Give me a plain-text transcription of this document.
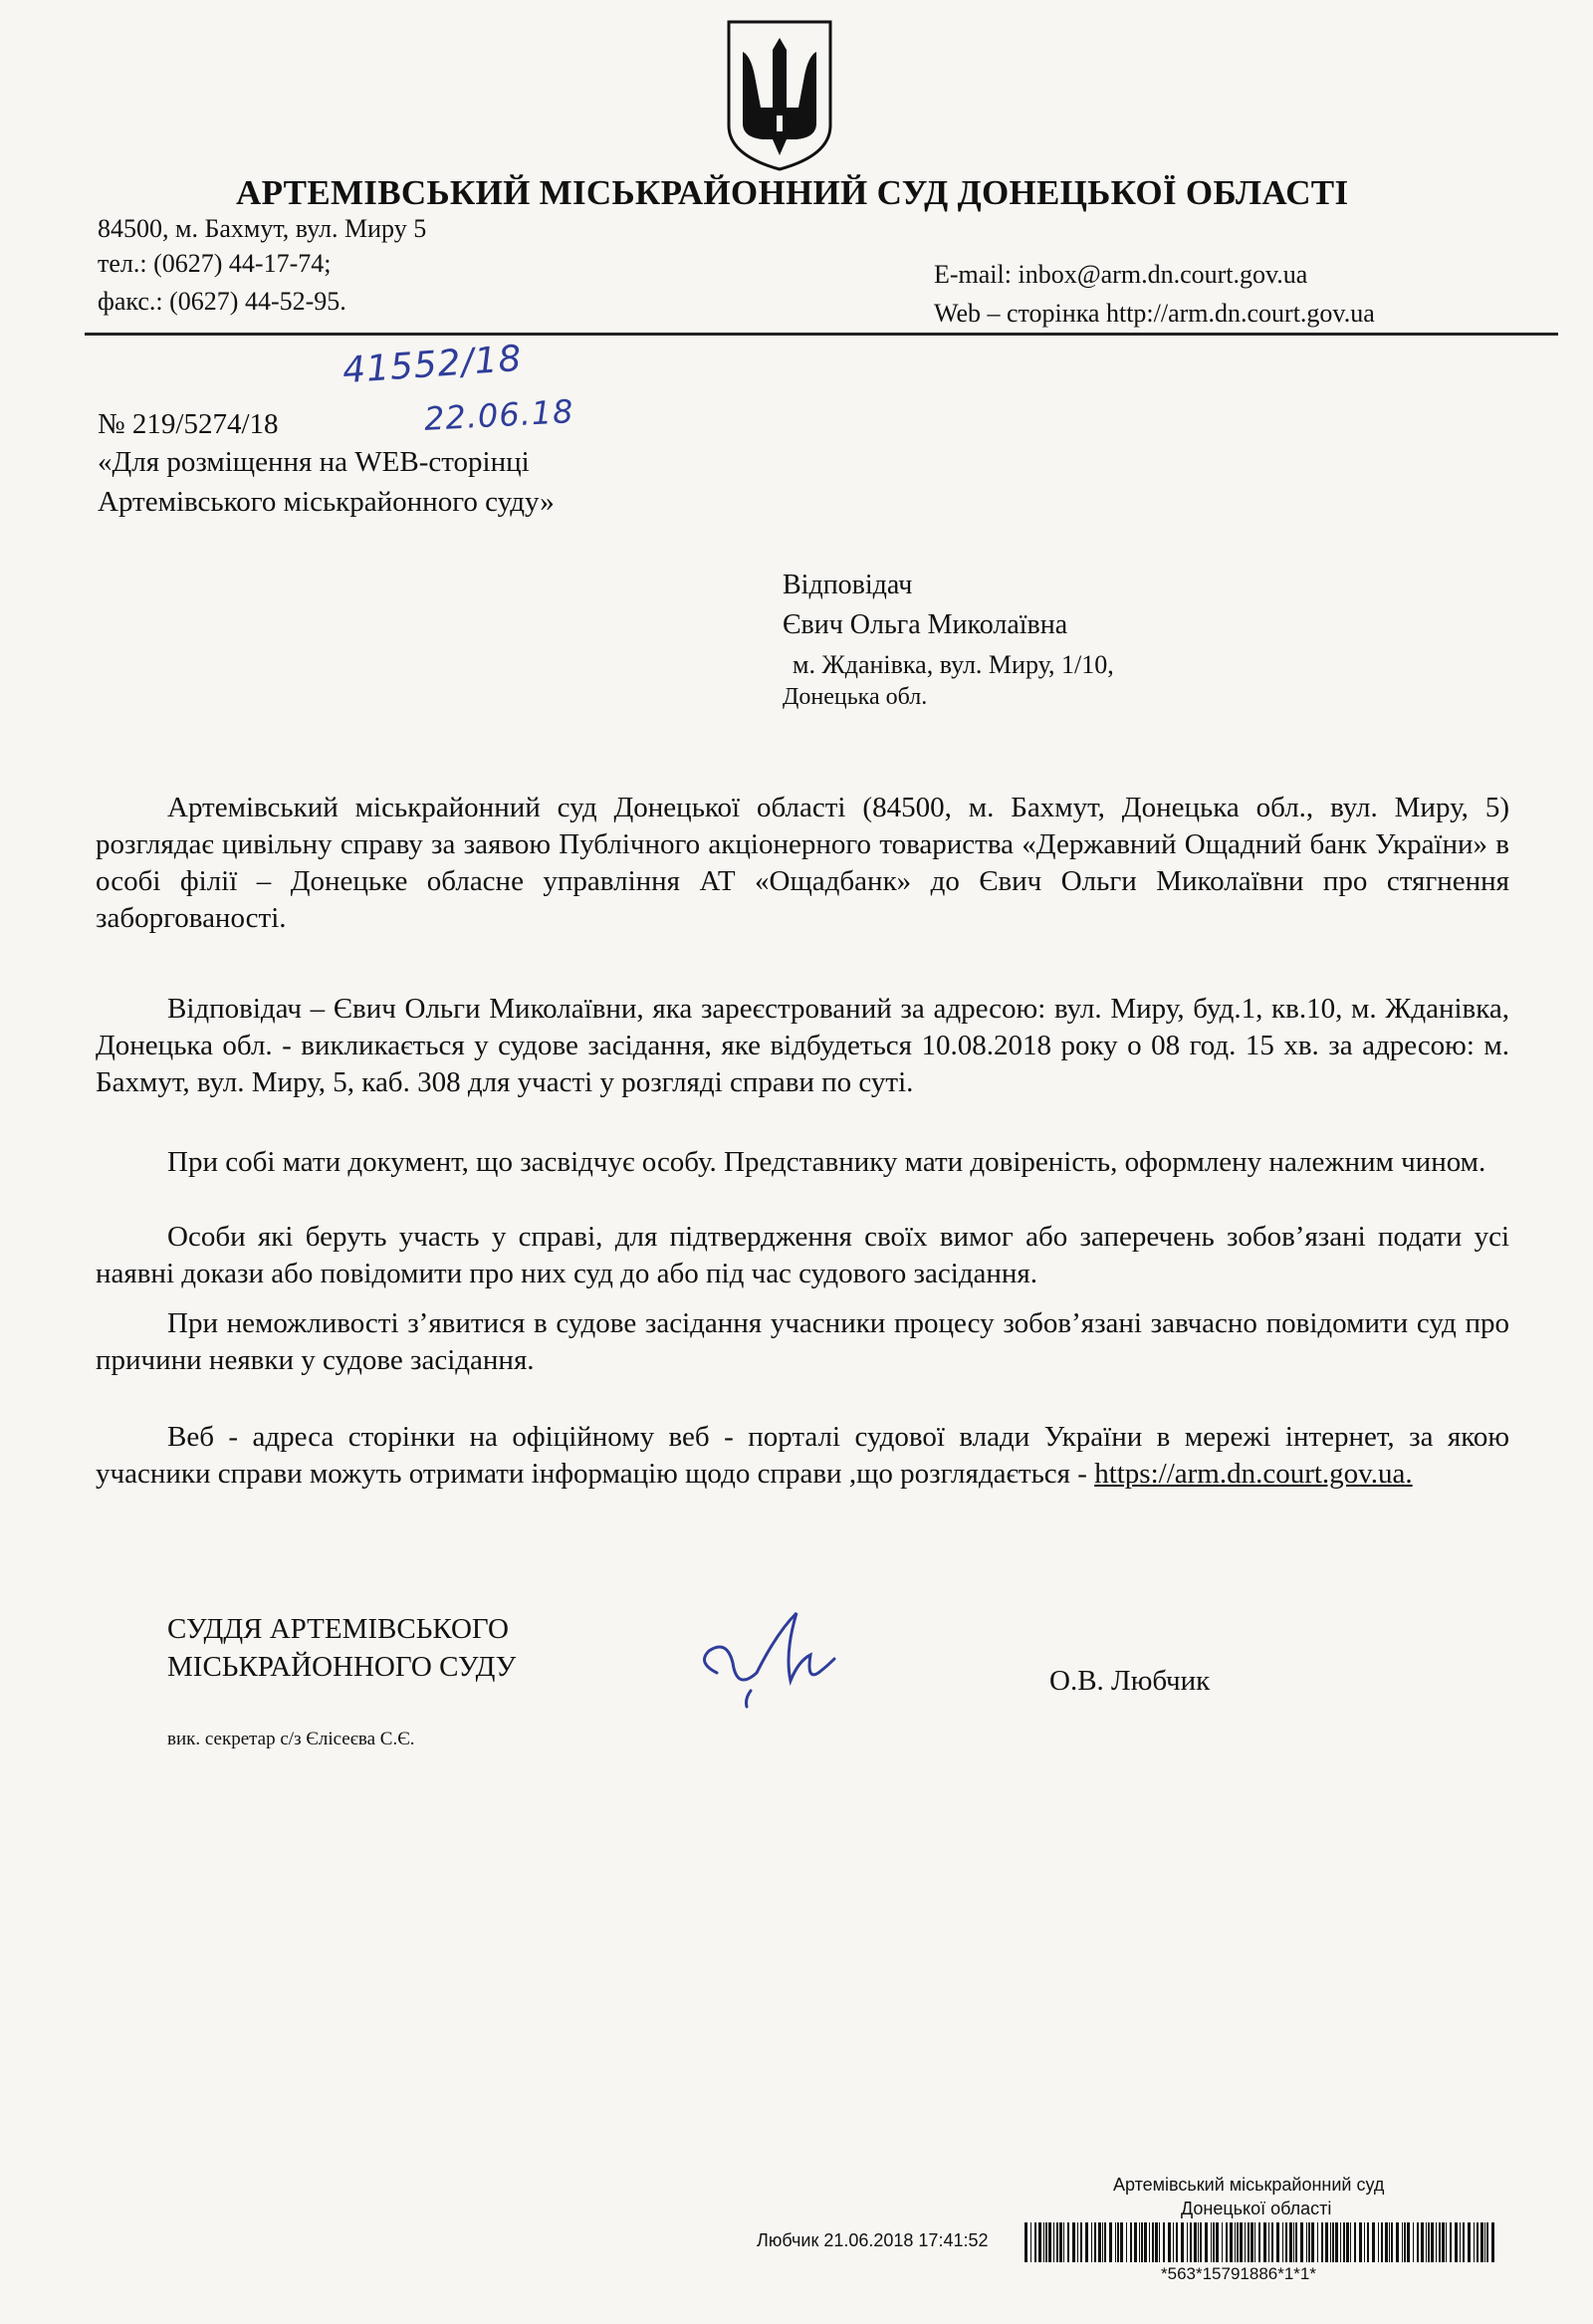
АРТЕМІВСЬКИЙ МІСЬКРАЙОННИЙ СУД ДОНЕЦЬКОЇ ОБЛАСТІ
84500, м. Бахмут, вул. Миру 5
тел.: (0627) 44-17-74;
факс.: (0627) 44-52-95.
E-mail: inbox@arm.dn.court.gov.ua
Web – сторінка http://arm.dn.court.gov.ua
41552/18
22.06.18
№ 219/5274/18
«Для розміщення на WEB-сторінці
Артемівського міськрайонного суду»
Відповідач
Євич Ольга Миколаївна
м. Жданівка, вул. Миру, 1/10,
Донецька обл.
Артемівський міськрайонний суд Донецької області (84500, м. Бахмут, Донецька обл., вул. Миру, 5) розглядає цивільну справу за заявою Публічного акціонерного товариства «Державний Ощадний банк України» в особі філії – Донецьке обласне управління АТ «Ощадбанк» до Євич Ольги Миколаївни про стягнення заборгованості.
Відповідач – Євич Ольги Миколаївни, яка зареєстрований за адресою: вул. Миру, буд.1, кв.10, м. Жданівка, Донецька обл. - викликається у судове засідання, яке відбудеться 10.08.2018 року о 08 год. 15 хв. за адресою: м. Бахмут, вул. Миру, 5, каб. 308 для участі у розгляді справи по суті.
При собі мати документ, що засвідчує особу. Представнику мати довіреність, оформлену належним чином.
Особи які беруть участь у справі, для підтвердження своїх вимог або заперечень зобов’язані подати усі наявні докази або повідомити про них суд до або під час судового засідання.
При неможливості з’явитися в судове засідання учасники процесу зобов’язані завчасно повідомити суд про причини неявки у судове засідання.
Веб - адреса сторінки на офіційному веб - порталі судової влади України в мережі інтернет, за якою учасники справи можуть отримати інформацію щодо справи ,що розглядається - https://arm.dn.court.gov.ua.
СУДДЯ АРТЕМІВСЬКОГО
МІСЬКРАЙОННОГО СУДУ	О.В. Любчик
вик. секретар с/з Єлісеєва С.Є.
Артемівський міськрайонний суд
Донецької області
Любчик 21.06.2018 17:41:52
*563*15791886*1*1*
